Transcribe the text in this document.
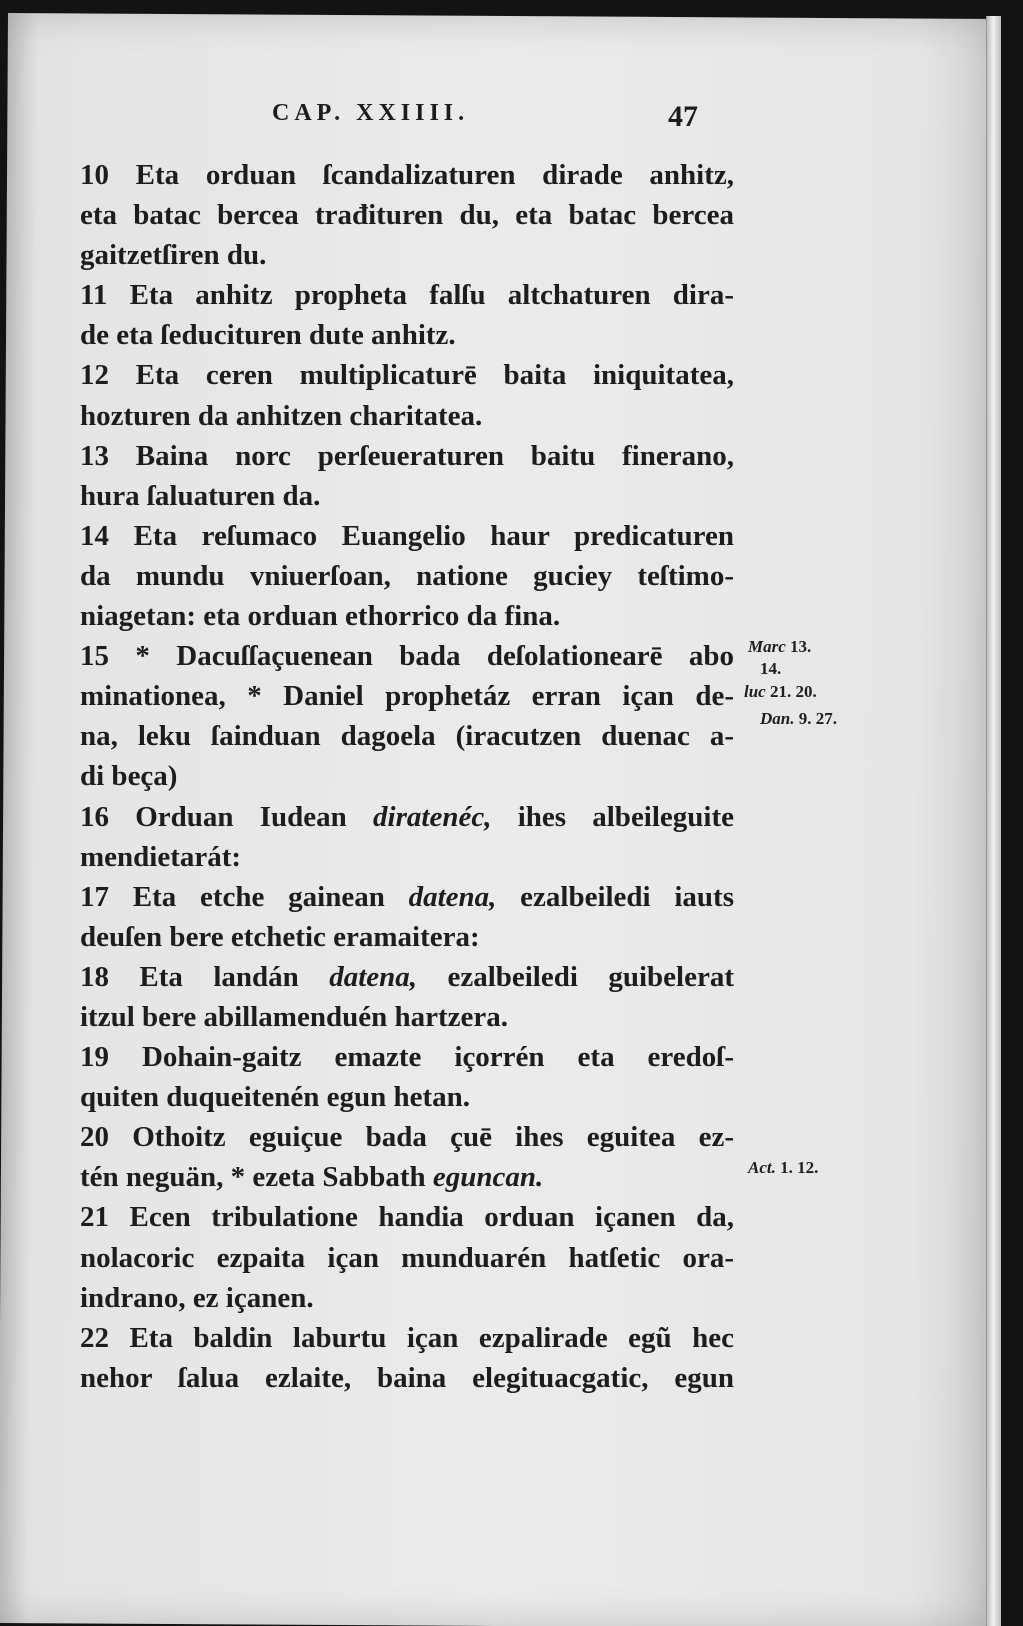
CAP. XXIIII.	47
10 Eta orduan ſcandalizaturen dirade anhitz,
eta batac bercea trađituren du, eta batac bercea
gaitzetſiren du.
11 Eta anhitz propheta falſu altchaturen dira-
de eta ſeducituren dute anhitz.
12 Eta ceren multiplicaturē baita iniquitatea,
hozturen da anhitzen charitatea.
13 Baina norc perſeueraturen baitu finerano,
hura ſaluaturen da.
14 Eta reſumaco Euangelio haur predicaturen
da mundu vniuerſoan, natione guciey teſtimo-
niagetan: eta orduan ethorrico da fina.
15 * Dacuſſaçuenean bada deſolationearē abo
minationea, * Daniel prophetáz erran içan de-
na, leku ſainduan dagoela (iracutzen duenac a-
di beça)
16 Orduan Iudean diratenéc, ihes albeileguite
mendietarát:
17 Eta etche gainean datena, ezalbeiledi iauts
deuſen bere etchetic eramaitera:
18 Eta landán datena, ezalbeiledi guibelerat
itzul bere abillamenduén hartzera.
19 Dohain-gaitz emazte içorrén eta eredoſ-
quiten duqueitenén egun hetan.
20 Othoitz eguiçue bada çuē ihes eguitea ez-
tén neguän, * ezeta Sabbath eguncan.
21 Ecen tribulatione handia orduan içanen da,
nolacoric ezpaita içan munduarén hatſetic ora-
indrano, ez içanen.
22 Eta baldin laburtu içan ezpalirade egũ hec
nehor ſalua ezlaite, baina elegituacgatic, egun
Marc 13.
14.
luc 21. 20.
Dan. 9. 27.
Act. 1. 12.
